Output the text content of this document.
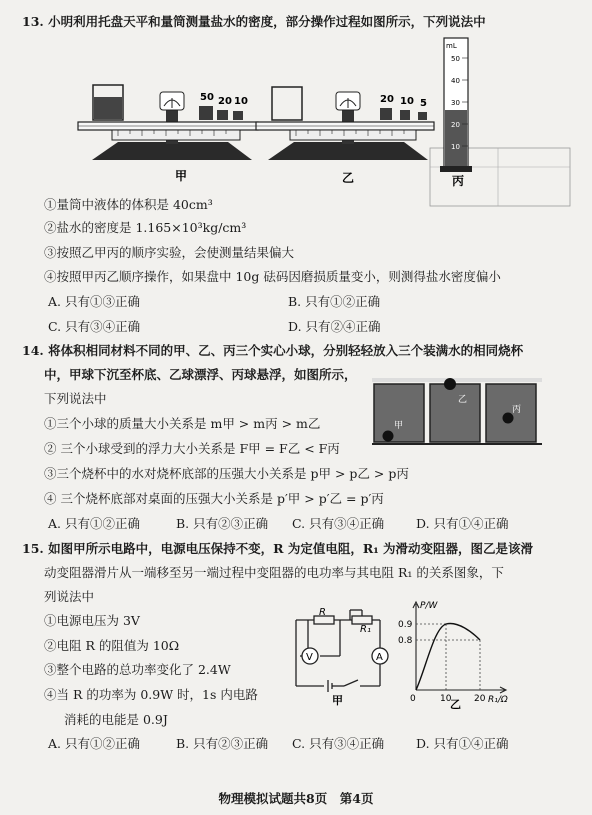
13. 小明利用托盘天平和量筒测量盐水的密度，部分操作过程如图所示，下列说法中
50 20 10
甲
20 10 5
乙
mL
50
40
30
20
10
丙
①量筒中液体的体积是 40cm³
②盐水的密度是 1.165×10³kg/cm³
③按照乙甲丙的顺序实验，会使测量结果偏大
④按照甲丙乙顺序操作，如果盘中 10g 砝码因磨损质量变小，则测得盐水密度偏小
A. 只有①③正确	B. 只有①②正确
C. 只有③④正确	D. 只有②④正确
14. 将体积相同材料不同的甲、乙、丙三个实心小球，分别轻轻放入三个装满水的相同烧杯
中，甲球下沉至杯底、乙球漂浮、丙球悬浮，如图所示，
下列说法中
甲
乙
丙
①三个小球的质量大小关系是 m甲 > m丙 > m乙
② 三个小球受到的浮力大小关系是 F甲 = F乙 < F丙
③三个烧杯中的水对烧杯底部的压强大小关系是 p甲 > p乙 > p丙
④ 三个烧杯底部对桌面的压强大小关系是 p′甲 > p′乙 = p′丙
A. 只有①②正确	B. 只有②③正确 C. 只有③④正确	D. 只有①④正确
15. 如图甲所示电路中，电源电压保持不变，R 为定值电阻，R₁ 为滑动变阻器，图乙是该滑
动变阻器滑片从一端移至另一端过程中变阻器的电功率与其电阻 R₁ 的关系图象，下
列说法中
①电源电压为 3V
②电阻 R 的阻值为 10Ω
③整个电路的总功率变化了 2.4W
④当 R 的功率为 0.9W 时，1s 内电路
消耗的电能是 0.9J
V	A
R
R₁
甲
P/W
0.9
0.8
0	10	20 R₁/Ω
乙
A. 只有①②正确	B. 只有②③正确 C. 只有③④正确	D. 只有①④正确
物理模拟试题共8页　第4页
